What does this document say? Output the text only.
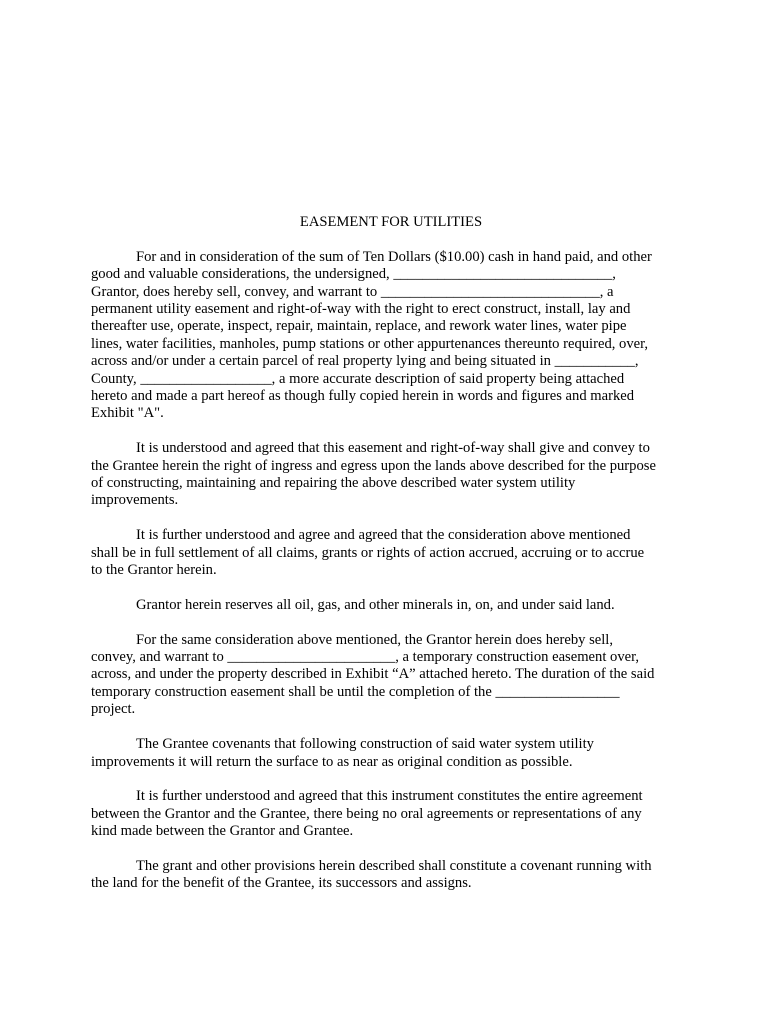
EASEMENT FOR UTILITIES

For and in consideration of the sum of Ten Dollars ($10.00) cash in hand paid, and other
good and valuable considerations, the undersigned, ______________________________,
Grantor, does hereby sell, convey, and warrant to ______________________________, a
permanent utility easement and right-of-way with the right to erect construct, install, lay and
thereafter use, operate, inspect, repair, maintain, replace, and rework water lines, water pipe
lines, water facilities, manholes, pump stations or other appurtenances thereunto required, over,
across and/or under a certain parcel of real property lying and being situated in ___________,
County, __________________, a more accurate description of said property being attached
hereto and made a part hereof as though fully copied herein in words and figures and marked
Exhibit "A".

It is understood and agreed that this easement and right-of-way shall give and convey to
the Grantee herein the right of ingress and egress upon the lands above described for the purpose
of constructing, maintaining and repairing the above described water system utility
improvements.

It is further understood and agree and agreed that the consideration above mentioned
shall be in full settlement of all claims, grants or rights of action accrued, accruing or to accrue
to the Grantor herein.

Grantor herein reserves all oil, gas, and other minerals in, on, and under said land.

For the same consideration above mentioned, the Grantor herein does hereby sell,
convey, and warrant to _______________________, a temporary construction easement over,
across, and under the property described in Exhibit “A” attached hereto. The duration of the said
temporary construction easement shall be until the completion of the _________________
project.

The Grantee covenants that following construction of said water system utility
improvements it will return the surface to as near as original condition as possible.

It is further understood and agreed that this instrument constitutes the entire agreement
between the Grantor and the Grantee, there being no oral agreements or representations of any
kind made between the Grantor and Grantee.

The grant and other provisions herein described shall constitute a covenant running with
the land for the benefit of the Grantee, its successors and assigns.
